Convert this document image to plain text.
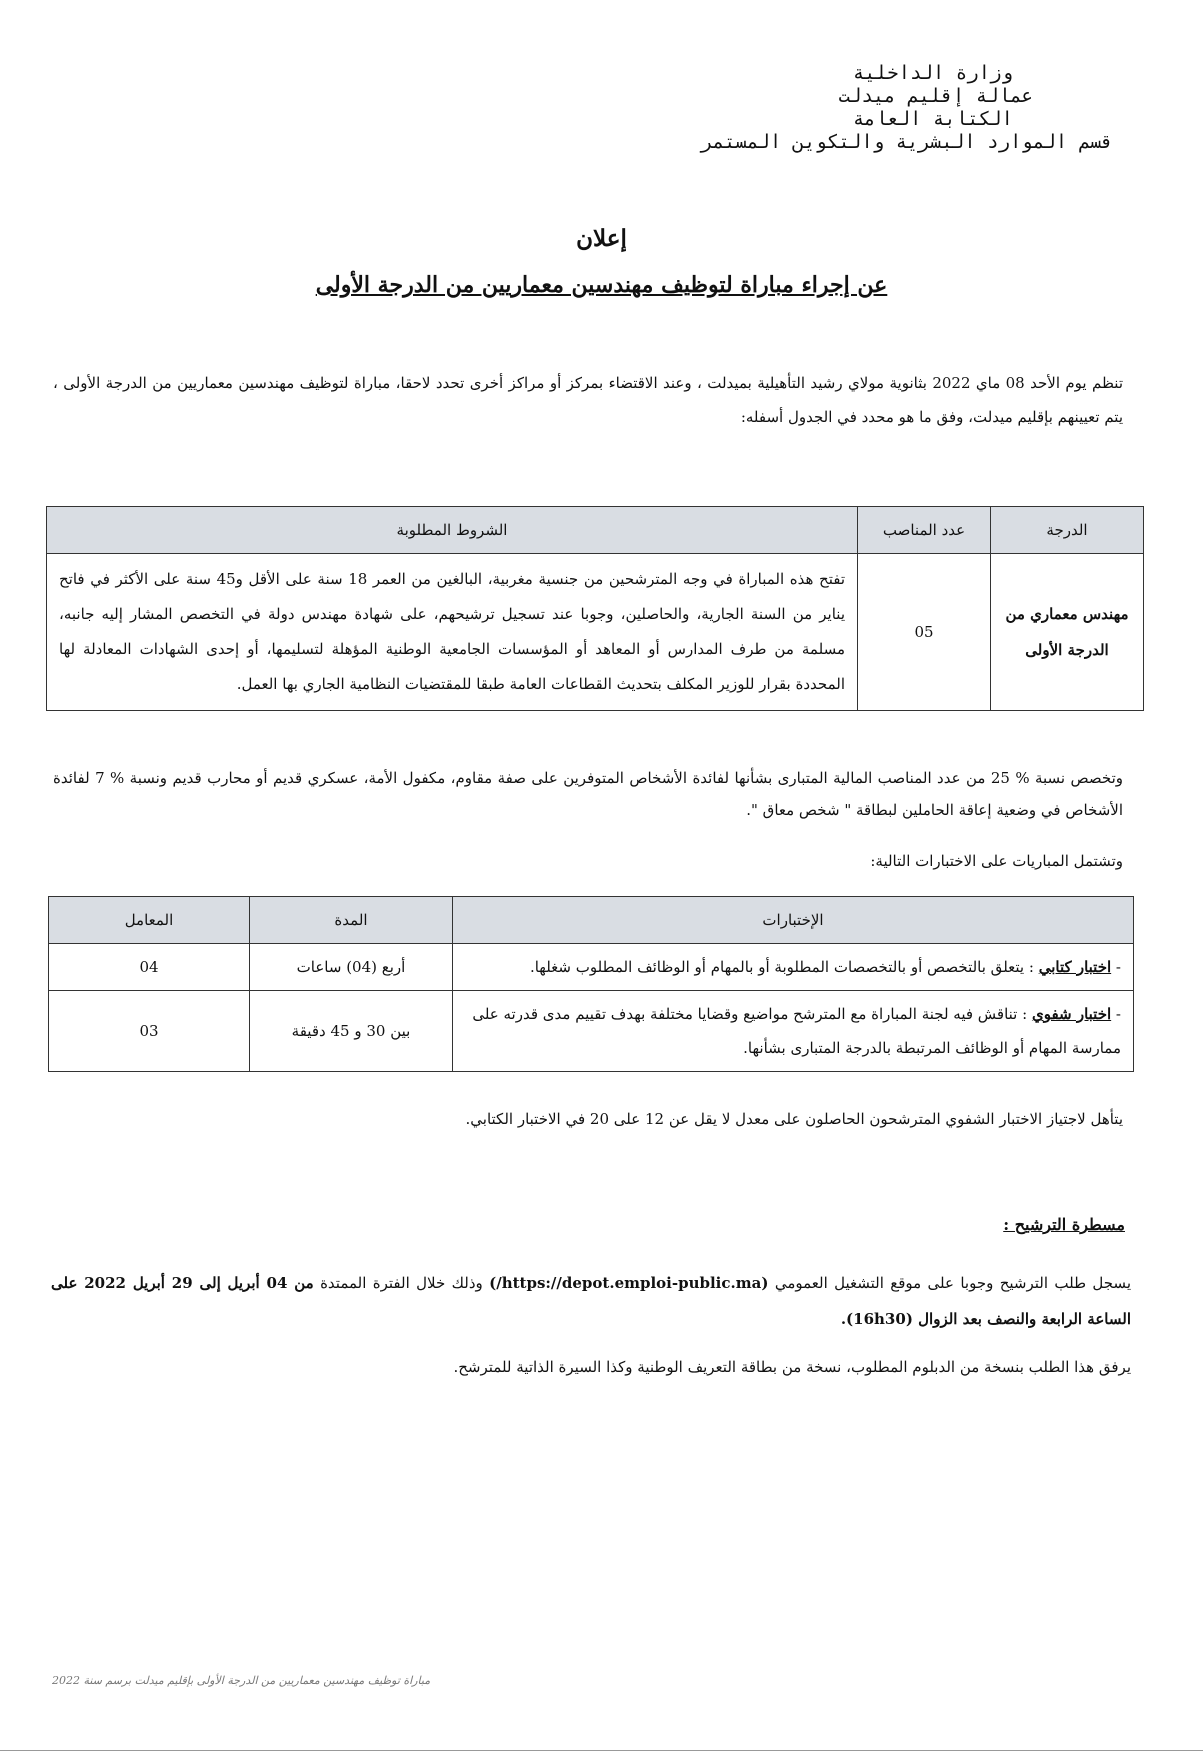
وزارة الداخلية
عمالة إقليم ميدلت
الكتابة العامة
قسم الموارد البشرية والتكوين المستمر
إعلان
عن إجراء مباراة لتوظيف مهندسين معماريين من الدرجة الأولى
تنظم يوم الأحد 08 ماي 2022 بثانوية مولاي رشيد التأهيلية بميدلت ، وعند الاقتضاء بمركز أو مراكز أخرى تحدد لاحقا، مباراة لتوظيف مهندسين معماريين من الدرجة الأولى ، يتم تعيينهم بإقليم ميدلت، وفق ما هو محدد في الجدول أسفله:
الدرجة	عدد المناصب	الشروط المطلوبة
مهندس معماري من الدرجة الأولى	05	تفتح هذه المباراة في وجه المترشحين من جنسية مغربية، البالغين من العمر 18 سنة على الأقل و45 سنة على الأكثر في فاتح يناير من السنة الجارية، والحاصلين، وجوبا عند تسجيل ترشيحهم، على شهادة مهندس دولة في التخصص المشار إليه جانبه، مسلمة من طرف المدارس أو المعاهد أو المؤسسات الجامعية الوطنية المؤهلة لتسليمها، أو إحدى الشهادات المعادلة لها المحددة بقرار للوزير المكلف بتحديث القطاعات العامة طبقا للمقتضيات النظامية الجاري بها العمل.
وتخصص نسبة % 25 من عدد المناصب المالية المتبارى بشأنها لفائدة الأشخاص المتوفرين على صفة مقاوم، مكفول الأمة، عسكري قديم أو محارب قديم ونسبة % 7 لفائدة الأشخاص في وضعية إعاقة الحاملين لبطاقة " شخص معاق ".
وتشتمل المباريات على الاختبارات التالية:
الإختبارات	المدة	المعامل
- اختبار كتابي : يتعلق بالتخصص أو بالتخصصات المطلوبة أو بالمهام أو الوظائف المطلوب شغلها.	أربع (04) ساعات	04
- اختبار شفوي : تناقش فيه لجنة المباراة مع المترشح مواضيع وقضايا مختلفة بهدف تقييم مدى قدرته على ممارسة المهام أو الوظائف المرتبطة بالدرجة المتبارى بشأنها.	بين 30 و 45 دقيقة	03
يتأهل لاجتياز الاختبار الشفوي المترشحون الحاصلون على معدل لا يقل عن 12 على 20 في الاختبار الكتابي.
مسطرة الترشيح :
يسجل طلب الترشيح وجوبا على موقع التشغيل العمومي (https://depot.emploi-public.ma/) وذلك خلال الفترة الممتدة من 04 أبريل إلى 29 أبريل 2022 على الساعة الرابعة والنصف بعد الزوال (16h30).
يرفق هذا الطلب بنسخة من الدبلوم المطلوب، نسخة من بطاقة التعريف الوطنية وكذا السيرة الذاتية للمترشح.
مباراة توظيف مهندسين معماريين من الدرجة الأولى بإقليم ميدلت برسم سنة 2022
